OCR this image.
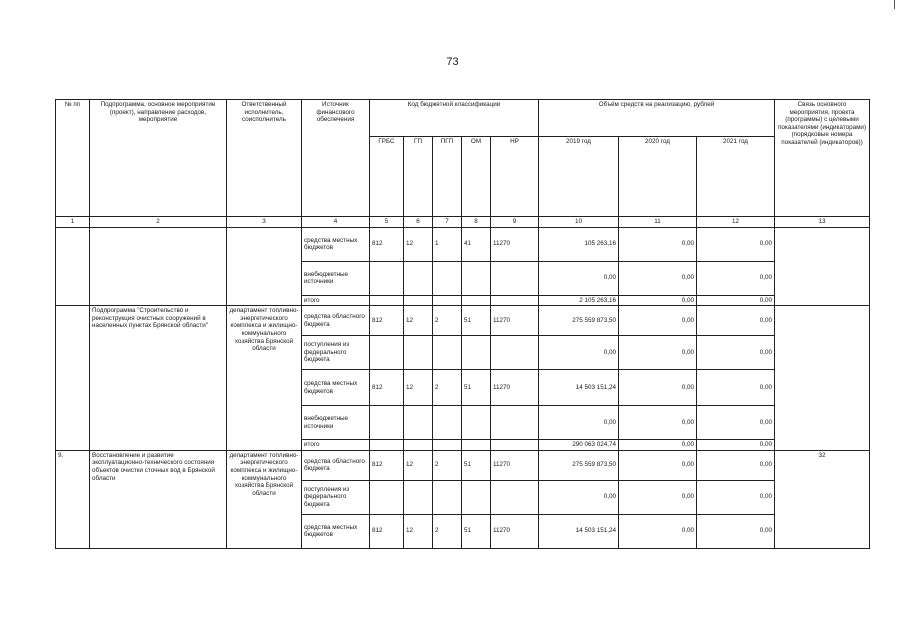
73
№ пп	Подпрограмма, основное мероприятие (проект), направление расходов, мероприятие	Ответственный исполнитель, соисполнитель	Источник финансового обеспечения	Код бюджетной классификации					Объём средств на реализацию, рублей			Связь основного мероприятия, проекта (программы) с целевыми показателями (индикаторами) (порядковые номера показателей (индикаторов))
				ГРБС	ГП	ПГП	ОМ	НР	2019 год	2020 год	2021 год	
1	2	3	4	5	6	7	8	9	10	11	12	13
			средства местных бюджетов	812	12	1	41	11270	105 263,16	0,00	0,00	
			внебюджетные источники						0,00	0,00	0,00	
			итого						2 105 263,16	0,00	0,00	
	Подпрограмма "Строительство и реконструкция очистных сооружений в населенных пунктах Брянской области"	департамент топливно-энергетического комплекса и жилищно-коммунального хозяйства Брянской области	средства областного бюджета	812	12	2	51	11270	275 559 873,50	0,00	0,00	
			поступления из федерального бюджета						0,00	0,00	0,00	
			средства местных бюджетов	812	12	2	51	11270	14 503 151,24	0,00	0,00	
			внебюджетные источники						0,00	0,00	0,00	
			итого						290 063 024,74	0,00	0,00	
9.	Восстановление и развитие эксплуатационно-технического состояния объектов очистки сточных вод в Брянской области	департамент топливно-энергетического комплекса и жилищно-коммунального хозяйства Брянской области	средства областного бюджета	812	12	2	51	11270	275 559 873,50	0,00	0,00	32
			поступления из федерального бюджета						0,00	0,00	0,00	
			средства местных бюджетов	812	12	2	51	11270	14 503 151,24	0,00	0,00	
